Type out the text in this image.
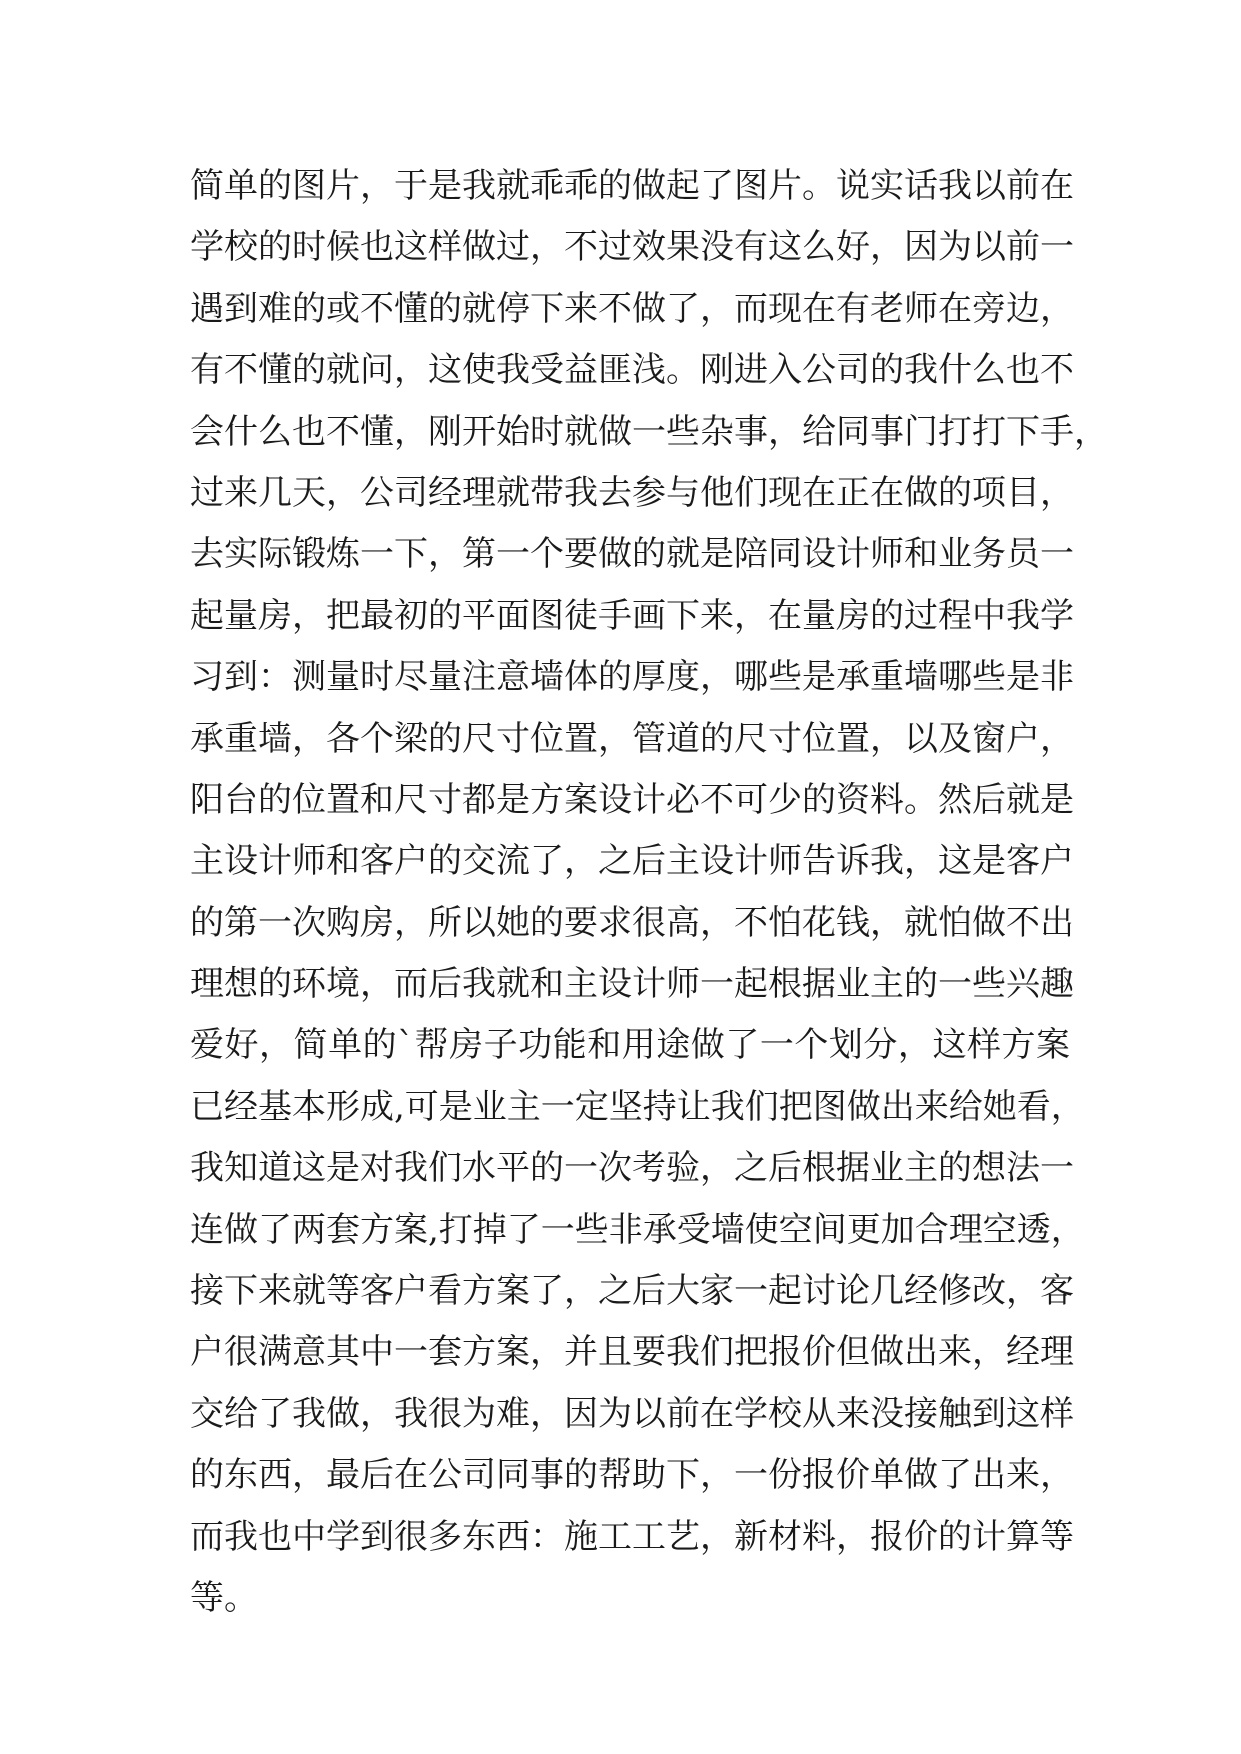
简单的图片，于是我就乖乖的做起了图片。说实话我以前在
学校的时候也这样做过，不过效果没有这么好，因为以前一
遇到难的或不懂的就停下来不做了，而现在有老师在旁边，
有不懂的就问，这使我受益匪浅。刚进入公司的我什么也不
会什么也不懂，刚开始时就做一些杂事，给同事门打打下手，
过来几天，公司经理就带我去参与他们现在正在做的项目，
去实际锻炼一下，第一个要做的就是陪同设计师和业务员一
起量房，把最初的平面图徒手画下来，在量房的过程中我学
习到：测量时尽量注意墙体的厚度，哪些是承重墙哪些是非
承重墙，各个梁的尺寸位置，管道的尺寸位置，以及窗户，
阳台的位置和尺寸都是方案设计必不可少的资料。然后就是
主设计师和客户的交流了，之后主设计师告诉我，这是客户
的第一次购房，所以她的要求很高，不怕花钱，就怕做不出
理想的环境，而后我就和主设计师一起根据业主的一些兴趣
爱好，简单的`帮房子功能和用途做了一个划分，这样方案
已经基本形成,可是业主一定坚持让我们把图做出来给她看，
我知道这是对我们水平的一次考验，之后根据业主的想法一
连做了两套方案,打掉了一些非承受墙使空间更加合理空透，
接下来就等客户看方案了，之后大家一起讨论几经修改，客
户很满意其中一套方案，并且要我们把报价但做出来，经理
交给了我做，我很为难，因为以前在学校从来没接触到这样
的东西，最后在公司同事的帮助下，一份报价单做了出来，
而我也中学到很多东西：施工工艺，新材料，报价的计算等
等。
